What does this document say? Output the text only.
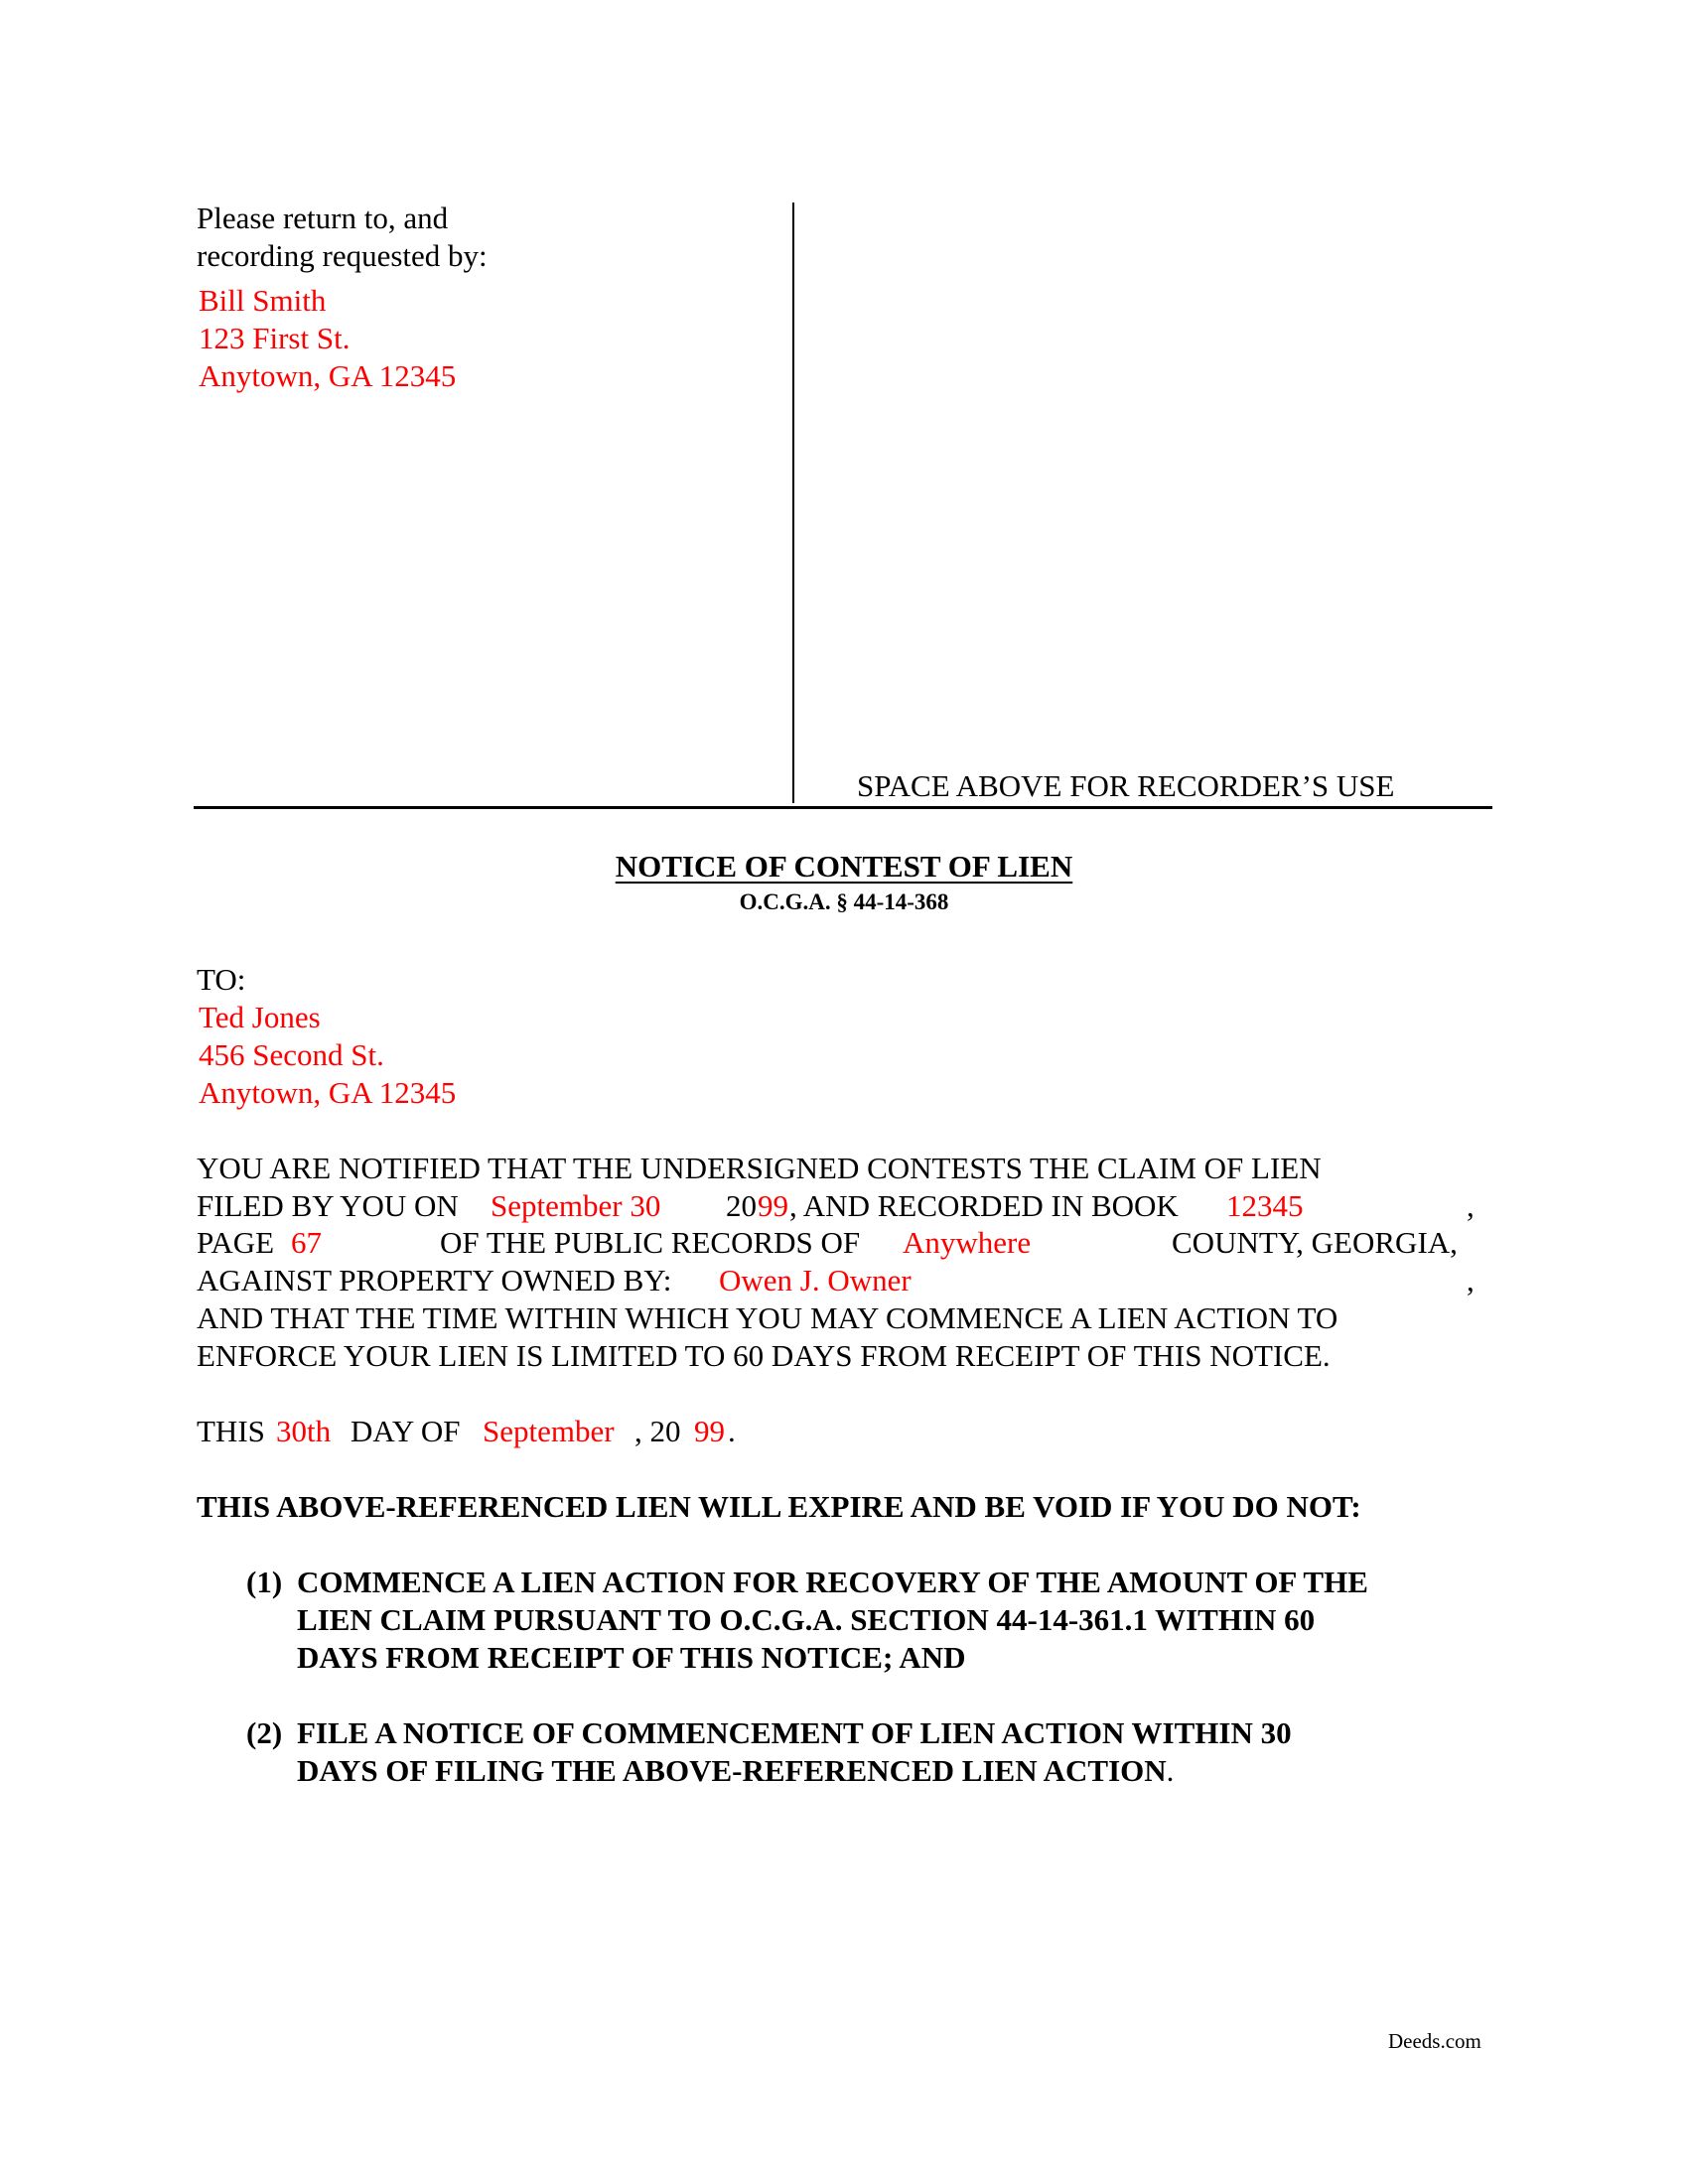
Please return to, and
recording requested by:
Bill Smith
123 First St.
Anytown, GA 12345
SPACE ABOVE FOR RECORDER’S USE
NOTICE OF CONTEST OF LIEN
O.C.G.A. § 44-14-368
TO:
Ted Jones
456 Second St.
Anytown, GA 12345
YOU ARE NOTIFIED THAT THE UNDERSIGNED CONTESTS THE CLAIM OF LIEN
FILED BY YOU ON September 30 20 99 , AND RECORDED IN BOOK 12345	,
PAGE 67	OF THE PUBLIC RECORDS OF Anywhere	COUNTY, GEORGIA,
AGAINST PROPERTY OWNED BY: Owen J. Owner	,
AND THAT THE TIME WITHIN WHICH YOU MAY COMMENCE A LIEN ACTION TO
ENFORCE YOUR LIEN IS LIMITED TO 60 DAYS FROM RECEIPT OF THIS NOTICE.
THIS 30th DAY OF September , 20 99 .
THIS ABOVE-REFERENCED LIEN WILL EXPIRE AND BE VOID IF YOU DO NOT:
(1) COMMENCE A LIEN ACTION FOR RECOVERY OF THE AMOUNT OF THE
LIEN CLAIM PURSUANT TO O.C.G.A. SECTION 44-14-361.1 WITHIN 60
DAYS FROM RECEIPT OF THIS NOTICE; AND
(2) FILE A NOTICE OF COMMENCEMENT OF LIEN ACTION WITHIN 30
DAYS OF FILING THE ABOVE-REFERENCED LIEN ACTION.
Deeds.com
